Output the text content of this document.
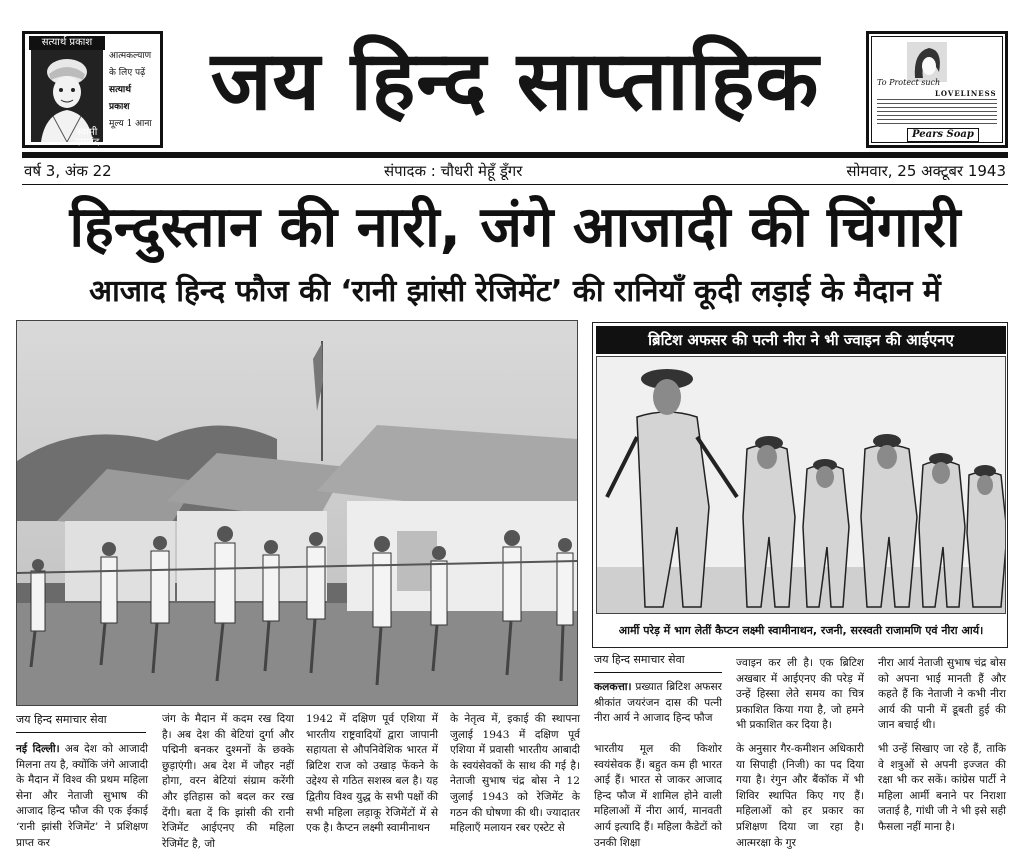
सत्यार्थ प्रकाश
आत्मकल्याण
के लिए पढ़ें
सत्यार्थ
प्रकाश
मूल्य 1 आना
स्वामी दयानंद
जय हिन्द साप्ताहिक	To Protect such
LOVELINESS
Pears Soap
वर्ष 3, अंक 22	संपादक : चौधरी मेहूँ डूँगर	सोमवार, 25 अक्टूबर 1943
हिन्दुस्तान की नारी, जंगे आजादी की चिंगारी
आजाद हिन्द फौज की ‘रानी झांसी रेजिमेंट’ की रानियाँ कूदी लड़ाई के मैदान में
ब्रिटिश अफसर की पत्नी नीरा ने भी ज्वाइन की आईएनए
आर्मी परेड़ में भाग लेतीं कैप्टन लक्ष्मी स्वामीनाथन, रजनी, सरस्वती राजामणि एवं नीरा आर्य।
जय हिन्द समाचार सेवा
कलकत्ता। प्रख्यात ब्रिटिश अफसर श्रीकांत जयरंजन दास की पत्नी नीरा आर्य ने आजाद हिन्द फौज
ज्वाइन कर ली है। एक ब्रिटिश अखबार में आईएनए की परेड़ में उन्हें हिस्सा लेते समय का चित्र प्रकाशित किया गया है, जो हमने भी प्रकाशित कर दिया है।
नीरा आर्य नेताजी सुभाष चंद्र बोस को अपना भाई मानती हैं और कहते हैं कि नेताजी ने कभी नीरा आर्य की पानी में डूबती हुई की जान बचाई थी।
जय हिन्द समाचार सेवा
नई दिल्ली। अब देश को आजादी मिलना तय है, क्योंकि जंगे आजादी के मैदान में विश्व की प्रथम महिला सेना और नेताजी सुभाष की आजाद हिन्द फौज की एक ईकाई ‘रानी झांसी रेजिमेंट’ ने प्रशिक्षण प्राप्त कर
जंग के मैदान में कदम रख दिया है। अब देश की बेटियां दुर्गा और पद्मिनी बनकर दुश्मनों के छक्के छुड़ाएंगी। अब देश में जौहर नहीं होगा, वरन बेटियां संग्राम करेंगी और इतिहास को बदल कर रख देंगी। बता दें कि झांसी की रानी रेजिमेंट आईएनए की महिला रेजिमेंट है, जो
1942 में दक्षिण पूर्व एशिया में भारतीय राष्ट्रवादियों द्वारा जापानी सहायता से औपनिवेशिक भारत में ब्रिटिश राज को उखाड़ फेंकने के उद्देश्य से गठित सशस्त्र बल है। यह द्वितीय विश्व युद्ध के सभी पक्षों की सभी महिला लड़ाकू रेजिमेंटों में से एक है। कैप्टन लक्ष्मी स्वामीनाथन
के नेतृत्व में, इकाई की स्थापना जुलाई 1943 में दक्षिण पूर्व एशिया में प्रवासी भारतीय आबादी के स्वयंसेवकों के साथ की गई है। नेताजी सुभाष चंद्र बोस ने 12 जुलाई 1943 को रेजिमेंट के गठन की घोषणा की थी। ज्यादातर महिलाएँ मलायन रबर एस्टेट से
भारतीय मूल की किशोर स्वयंसेवक हैं। बहुत कम ही भारत आई हैं। भारत से जाकर आजाद हिन्द फौज में शामिल होने वाली महिलाओं में नीरा आर्य, मानवती आर्य इत्यादि हैं। महिला कैडेटों को उनकी शिक्षा
के अनुसार गैर-कमीशन अधिकारी या सिपाही (निजी) का पद दिया गया है। रंगुन और बैंकॉक में भी शिविर स्थापित किए गए हैं। महिलाओं को हर प्रकार का प्रशिक्षण दिया जा रहा है। आत्मरक्षा के गुर
भी उन्हें सिखाए जा रहे हैं, ताकि वे शत्रुओं से अपनी इज्जत की रक्षा भी कर सकें। कांग्रेस पार्टी ने महिला आर्मी बनाने पर निराशा जताई है, गांधी जी ने भी इसे सही फैसला नहीं माना है।
